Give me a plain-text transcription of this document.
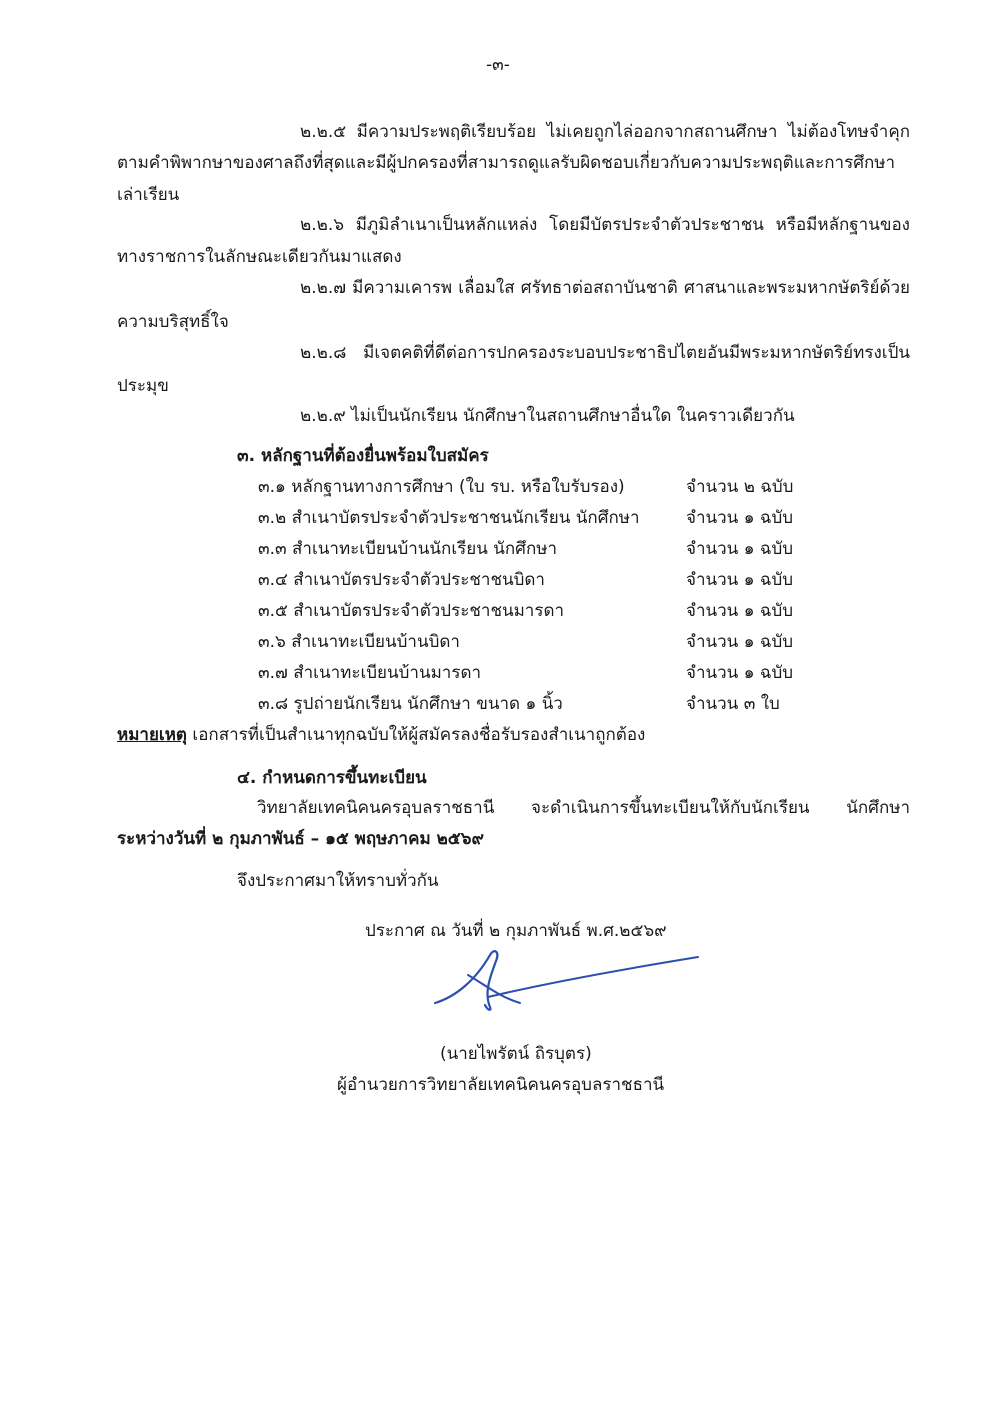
-๓-
๒.๒.๕ มีความประพฤติเรียบร้อย ไม่เคยถูกไล่ออกจากสถานศึกษา ไม่ต้องโทษจำคุก
ตามคำพิพากษาของศาลถึงที่สุดและมีผู้ปกครองที่สามารถดูแลรับผิดชอบเกี่ยวกับความประพฤติและการศึกษา
เล่าเรียน
๒.๒.๖ มีภูมิลำเนาเป็นหลักแหล่ง โดยมีบัตรประจำตัวประชาชน หรือมีหลักฐานของ
ทางราชการในลักษณะเดียวกันมาแสดง
๒.๒.๗ มีความเคารพ เลื่อมใส ศรัทธาต่อสถาบันชาติ ศาสนาและพระมหากษัตริย์ด้วย
ความบริสุทธิ์ใจ
๒.๒.๘ มีเจตคติที่ดีต่อการปกครองระบอบประชาธิปไตยอันมีพระมหากษัตริย์ทรงเป็น
ประมุข
๒.๒.๙ ไม่เป็นนักเรียน นักศึกษาในสถานศึกษาอื่นใด ในคราวเดียวกัน
๓. หลักฐานที่ต้องยื่นพร้อมใบสมัคร
๓.๑ หลักฐานทางการศึกษา (ใบ รบ. หรือใบรับรอง)	จำนวน ๒ ฉบับ
๓.๒ สำเนาบัตรประจำตัวประชาชนนักเรียน นักศึกษา	จำนวน ๑ ฉบับ
๓.๓ สำเนาทะเบียนบ้านนักเรียน นักศึกษา	จำนวน ๑ ฉบับ
๓.๔ สำเนาบัตรประจำตัวประชาชนบิดา	จำนวน ๑ ฉบับ
๓.๕ สำเนาบัตรประจำตัวประชาชนมารดา	จำนวน ๑ ฉบับ
๓.๖ สำเนาทะเบียนบ้านบิดา	จำนวน ๑ ฉบับ
๓.๗ สำเนาทะเบียนบ้านมารดา	จำนวน ๑ ฉบับ
๓.๘ รูปถ่ายนักเรียน นักศึกษา ขนาด ๑ นิ้ว	จำนวน ๓ ใบ
หมายเหตุ เอกสารที่เป็นสำเนาทุกฉบับให้ผู้สมัครลงชื่อรับรองสำเนาถูกต้อง
๔. กำหนดการขึ้นทะเบียน
วิทยาลัยเทคนิคนครอุบลราชธานี จะดำเนินการขึ้นทะเบียนให้กับนักเรียน นักศึกษา
ระหว่างวันที่ ๒ กุมภาพันธ์ – ๑๕ พฤษภาคม ๒๕๖๙
จึงประกาศมาให้ทราบทั่วกัน
ประกาศ ณ วันที่ ๒ กุมภาพันธ์ พ.ศ.๒๕๖๙
(นายไพรัตน์ ถิรบุตร)
ผู้อำนวยการวิทยาลัยเทคนิคนครอุบลราชธานี
